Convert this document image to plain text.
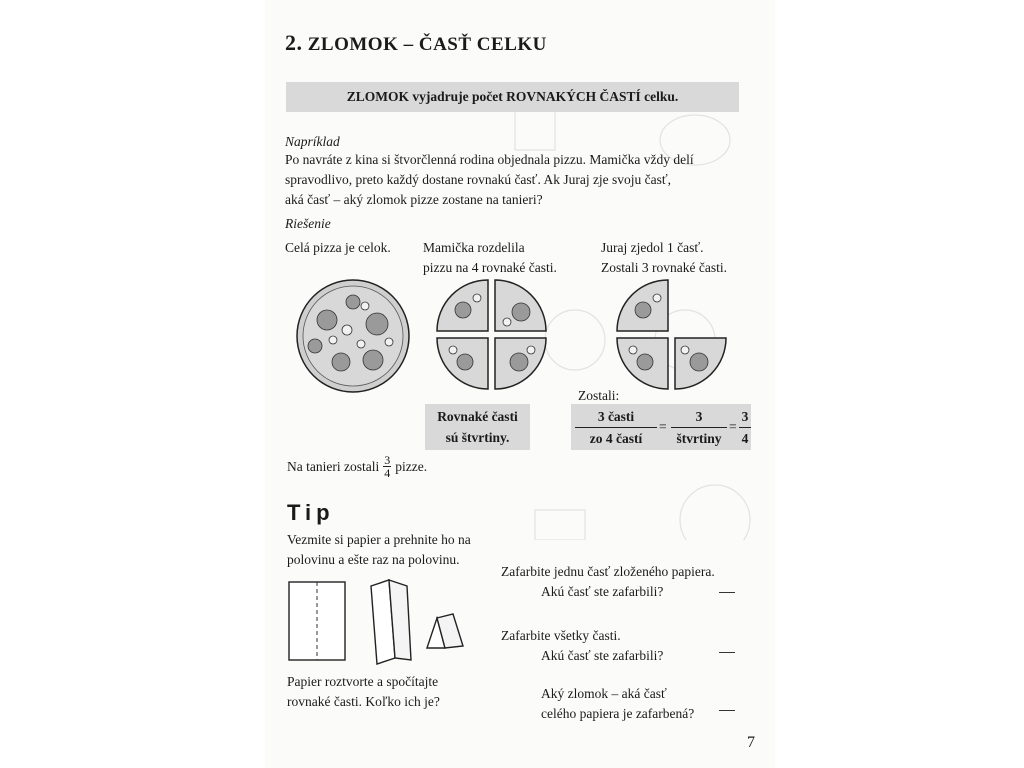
2. ZLOMOK – ČASŤ CELKU
ZLOMOK vyjadruje počet ROVNAKÝCH ČASTÍ celku.
Napríklad
Po navráte z kina si štvorčlenná rodina objednala pizzu. Mamička vždy delí
spravodlivo, preto každý dostane rovnakú časť. Ak Juraj zje svoju časť,
aká časť – aký zlomok pizze zostane na tanieri?
Riešenie
Celá pizza je celok. Mamička rozdelila
pizzu na 4 rovnaké časti.
Juraj zjedol 1 časť.
Zostali 3 rovnaké časti.
Rovnaké časti
sú štvrtiny.
Zostali:
3 časti
zo 4 častí
=
3
štvrtiny
= $\frac{3}{4}$
Na tanieri zostali $\frac{3}{4}$ pizze.
Tip
Vezmite si papier a prehnite ho na
polovinu a ešte raz na polovinu.
Papier roztvorte a spočítajte
rovnaké časti. Koľko ich je?
Zafarbite jednu časť zloženého papiera.
Akú časť ste zafarbili?
Zafarbite všetky časti.
Akú časť ste zafarbili?
Aký zlomok – aká časť
celého papiera je zafarbená?
7
